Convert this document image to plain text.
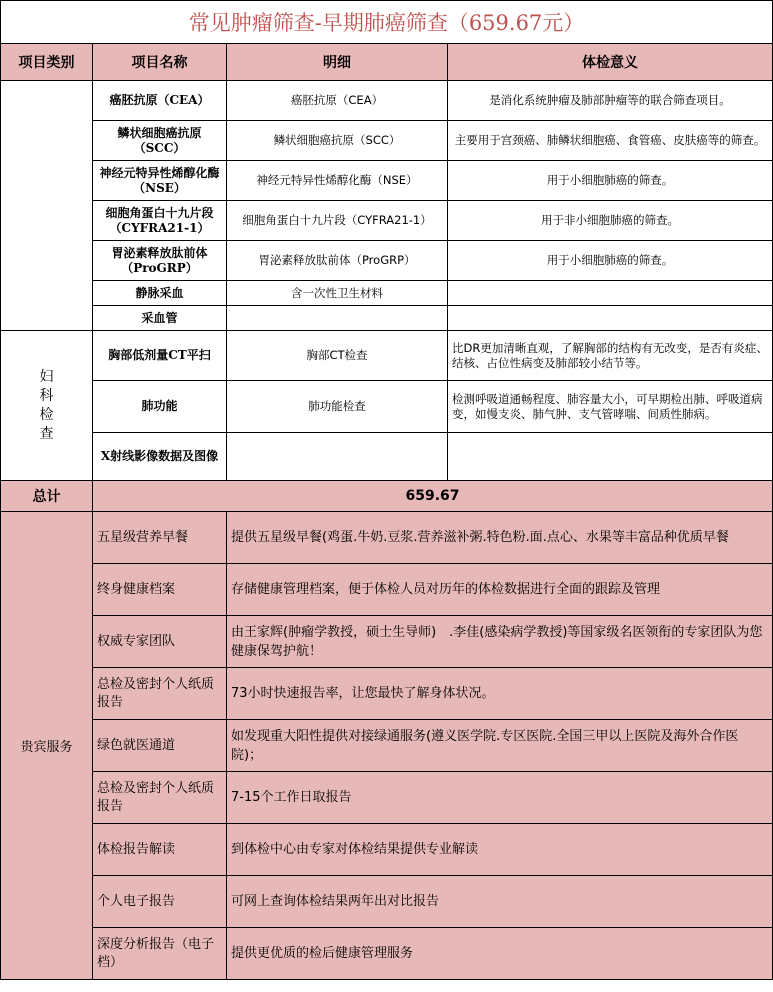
常见肿瘤筛查-早期肺癌筛查（659.67元）			
项目类别	项目名称	明细	体检意义
	癌胚抗原（CEA）	癌胚抗原（CEA）	是消化系统肿瘤及肺部肿瘤等的联合筛查项目。
	鳞状细胞癌抗原（SCC）	鳞状细胞癌抗原（SCC）	主要用于宫颈癌、肺鳞状细胞癌、食管癌、皮肤癌等的筛查。
	神经元特异性烯醇化酶（NSE）	神经元特异性烯醇化酶（NSE）	用于小细胞肺癌的筛查。
	细胞角蛋白十九片段（CYFRA21-1）	细胞角蛋白十九片段（CYFRA21-1）	用于非小细胞肺癌的筛查。
	胃泌素释放肽前体（ProGRP）	胃泌素释放肽前体（ProGRP）	用于小细胞肺癌的筛查。
	静脉采血	含一次性卫生材料	
	采血管		

妇科检查	胸部低剂量CT平扫	胸部CT检查	比DR更加清晰直观，了解胸部的结构有无改变，是否有炎症、结核、占位性病变及肺部较小结节等。
	肺功能	肺功能检查	检测呼吸道通畅程度、肺容量大小，可早期检出肺、呼吸道病变，如慢支炎、肺气肿、支气管哮喘、间质性肺病。
	X射线影像数据及图像		
总计	659.67		
贵宾服务	五星级营养早餐	提供五星级早餐(鸡蛋.牛奶.豆浆.营养滋补粥.特色粉.面.点心、水果等丰富品种优质早餐	
	终身健康档案	存储健康管理档案，便于体检人员对历年的体检数据进行全面的跟踪及管理	
	权威专家团队	由王家辉(肿瘤学教授，硕士生导师)　.李佳(感染病学教授)等国家级名医领衔的专家团队为您健康保驾护航！	
	总检及密封个人纸质报告	73小时快速报告率，让您最快了解身体状况。	
	绿色就医通道	如发现重大阳性提供对接绿通服务(遵义医学院.专区医院.全国三甲以上医院及海外合作医院)；	
	总检及密封个人纸质报告	7-15个工作日取报告	
	体检报告解读	到体检中心由专家对体检结果提供专业解读	
	个人电子报告	可网上查询体检结果两年出对比报告	
	深度分析报告（电子档）	提供更优质的检后健康管理服务	
